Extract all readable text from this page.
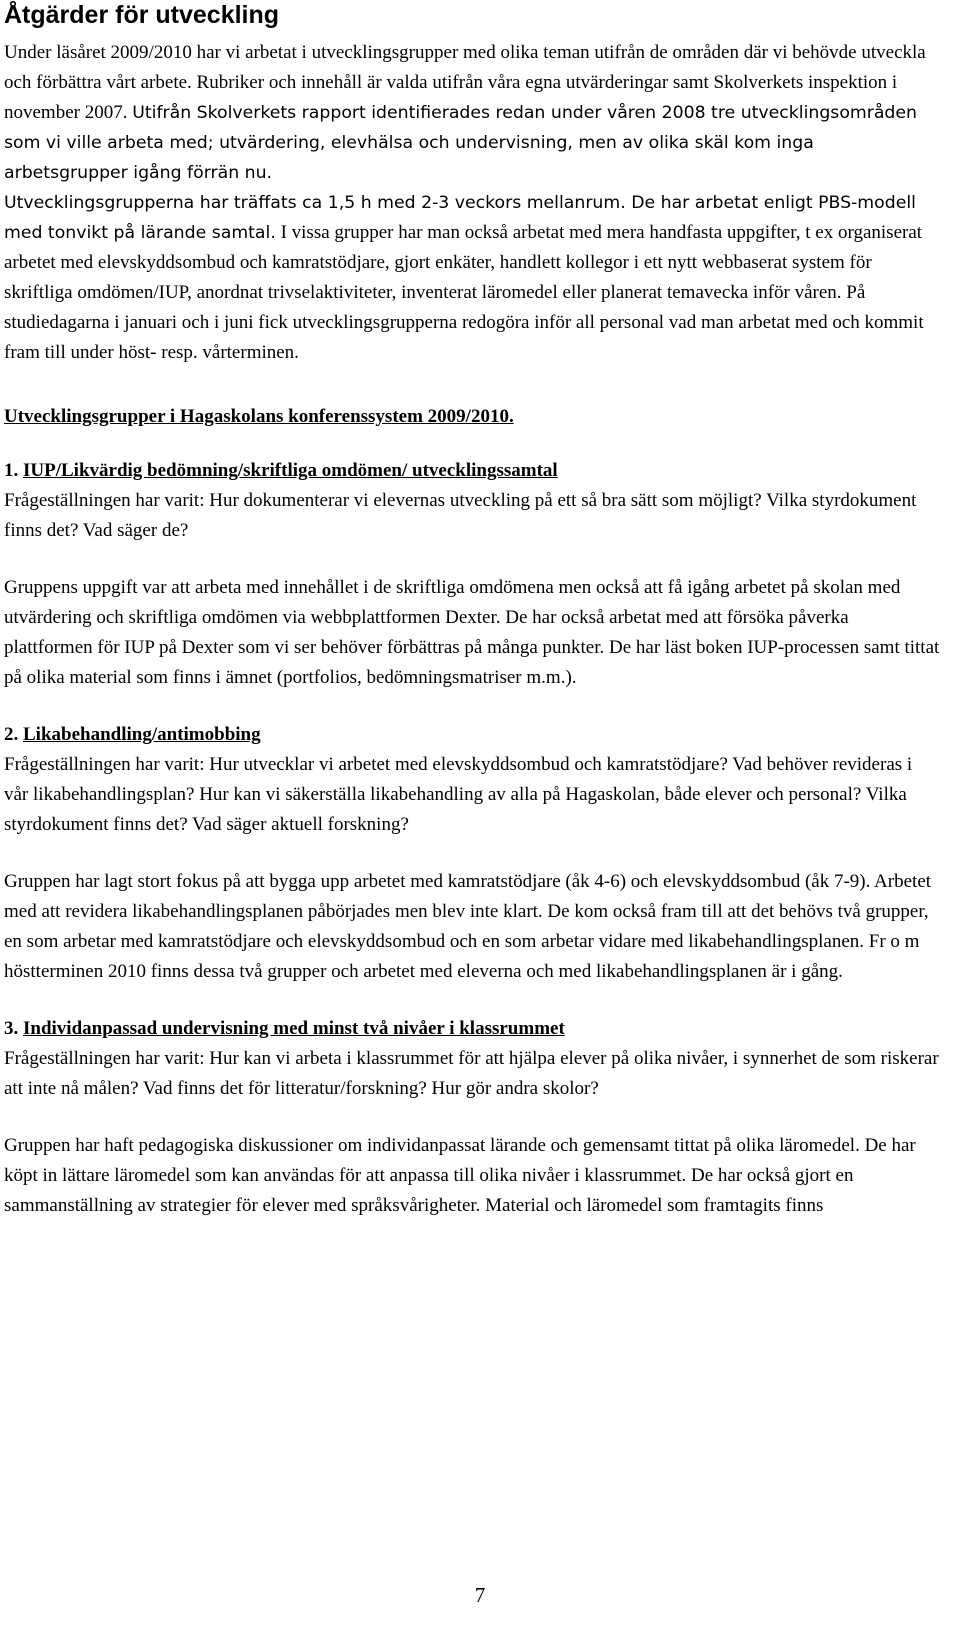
Åtgärder för utveckling

Under läsåret 2009/2010 har vi arbetat i utvecklingsgrupper med olika teman utifrån de områden där vi behövde utveckla och förbättra vårt arbete. Rubriker och innehåll är valda utifrån våra egna utvärderingar samt Skolverkets inspektion i november 2007. Utifrån Skolverkets rapport identifierades redan under våren 2008 tre utvecklingsområden som vi ville arbeta med; utvärdering, elevhälsa och undervisning, men av olika skäl kom inga arbetsgrupper igång förrän nu.

Utvecklingsgrupperna har träffats ca 1,5 h med 2-3 veckors mellanrum. De har arbetat enligt PBS-modell med tonvikt på lärande samtal. I vissa grupper har man också arbetat med mera handfasta uppgifter, t ex organiserat arbetet med elevskyddsombud och kamratstödjare, gjort enkäter, handlett kollegor i ett nytt webbaserat system för skriftliga omdömen/IUP, anordnat trivselaktiviteter, inventerat läromedel eller planerat temavecka inför våren. På studiedagarna i januari och i juni fick utvecklingsgrupperna redogöra inför all personal vad man arbetat med och kommit fram till under höst- resp. vårterminen.

Utvecklingsgrupper i Hagaskolans konferenssystem 2009/2010.

1. IUP/Likvärdig bedömning/skriftliga omdömen/ utvecklingssamtal

Frågeställningen har varit: Hur dokumenterar vi elevernas utveckling på ett så bra sätt som möjligt? Vilka styrdokument finns det? Vad säger de?

Gruppens uppgift var att arbeta med innehållet i de skriftliga omdömena men också att få igång arbetet på skolan med utvärdering och skriftliga omdömen via webbplattformen Dexter. De har också arbetat med att försöka påverka plattformen för IUP på Dexter som vi ser behöver förbättras på många punkter. De har läst boken IUP-processen samt tittat på olika material som finns i ämnet (portfolios, bedömningsmatriser m.m.).

2. Likabehandling/antimobbing

Frågeställningen har varit: Hur utvecklar vi arbetet med elevskyddsombud och kamratstödjare? Vad behöver revideras i vår likabehandlingsplan? Hur kan vi säkerställa likabehandling av alla på Hagaskolan, både elever och personal? Vilka styrdokument finns det? Vad säger aktuell forskning?

Gruppen har lagt stort fokus på att bygga upp arbetet med kamratstödjare (åk 4-6) och elevskyddsombud (åk 7-9). Arbetet med att revidera likabehandlingsplanen påbörjades men blev inte klart. De kom också fram till att det behövs två grupper, en som arbetar med kamratstödjare och elevskyddsombud och en som arbetar vidare med likabehandlingsplanen. Fr o m höstterminen 2010 finns dessa två grupper och arbetet med eleverna och med likabehandlingsplanen är i gång.

3. Individanpassad undervisning med minst två nivåer i klassrummet

Frågeställningen har varit: Hur kan vi arbeta i klassrummet för att hjälpa elever på olika nivåer, i synnerhet de som riskerar att inte nå målen? Vad finns det för litteratur/forskning? Hur gör andra skolor?

Gruppen har haft pedagogiska diskussioner om individanpassat lärande och gemensamt tittat på olika läromedel. De har köpt in lättare läromedel som kan användas för att anpassa till olika nivåer i klassrummet. De har också gjort en sammanställning av strategier för elever med språksvårigheter. Material och läromedel som framtagits finns

7
